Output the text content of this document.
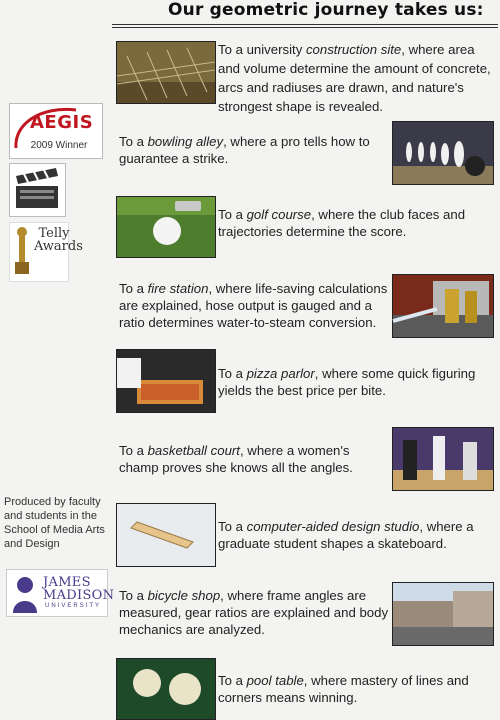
Our geometric journey takes us:
AEGIS
2009 Winner
Telly
Awards
Produced by faculty and students in the School of Media Arts and Design
JAMES
MADISON
UNIVERSITY
To a university construction site, where area and volume determine the amount of concrete, arcs and radiuses are drawn, and nature's strongest shape is revealed.
To a bowling alley, where a pro tells how to guarantee a strike.
To a golf course, where the club faces and trajectories determine the score.
To a fire station, where life-saving calculations are explained, hose output is gauged and a ratio determines water-to-steam conversion.
To a pizza parlor, where some quick figuring yields the best price per bite.
To a basketball court, where a women's champ proves she knows all the angles.
To a computer-aided design studio, where a graduate student shapes a skateboard.
To a bicycle shop, where frame angles are measured, gear ratios are explained and body mechanics are analyzed.
To a pool table, where mastery of lines and corners means winning.
